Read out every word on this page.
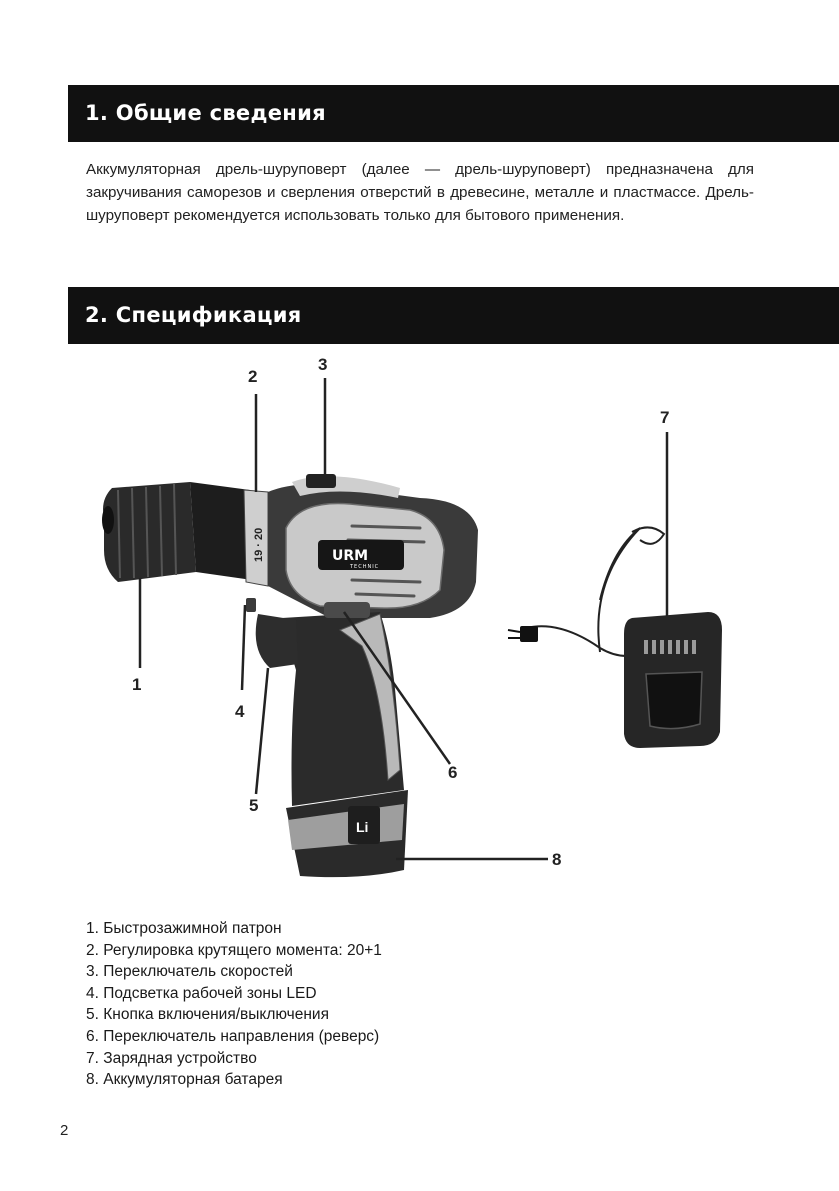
1. Общие сведения

Аккумуляторная дрель-шуруповерт (далее — дрель-шуруповерт) предназначена для закручивания саморезов и сверления отверстий в древесине, металле и пластмассе. Дрель-шуруповерт рекомендуется использовать только для бытового применения.

2. Спецификация
19 · 20	URM
TECHNIC
Li
1
2
3
4
5
6
7
8
1. Быстрозажимной патрон
2. Регулировка крутящего момента: 20+1
3. Переключатель скоростей
4. Подсветка рабочей зоны LED
5. Кнопка включения/выключения
6. Переключатель направления (реверс)
7. Зарядная устройство
8. Аккумуляторная батарея
2
